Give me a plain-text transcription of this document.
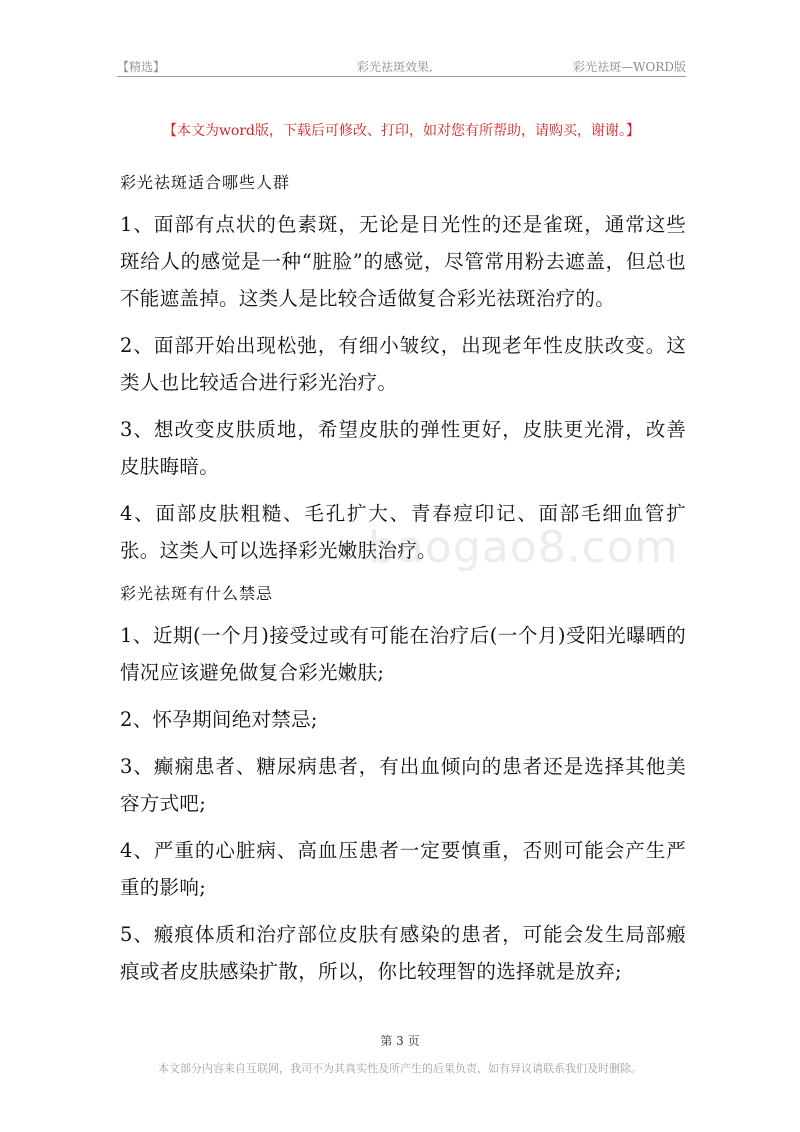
【精选】	彩光祛斑效果,	彩光祛斑—WORD版
【本文为word版，下载后可修改、打印，如对您有所帮助，请购买，谢谢。】

彩光祛斑适合哪些人群

1、面部有点状的色素斑，无论是日光性的还是雀斑，通常这些斑给人的感觉是一种“脏脸”的感觉，尽管常用粉去遮盖，但总也不能遮盖掉。这类人是比较合适做复合彩光祛斑治疗的。

2、面部开始出现松弛，有细小皱纹，出现老年性皮肤改变。这类人也比较适合进行彩光治疗。

3、想改变皮肤质地，希望皮肤的弹性更好，皮肤更光滑，改善皮肤晦暗。

4、面部皮肤粗糙、毛孔扩大、青春痘印记、面部毛细血管扩张。这类人可以选择彩光嫩肤治疗。

彩光祛斑有什么禁忌

1、近期(一个月)接受过或有可能在治疗后(一个月)受阳光曝晒的情况应该避免做复合彩光嫩肤;

2、怀孕期间绝对禁忌;

3、癫痫患者、糖尿病患者，有出血倾向的患者还是选择其他美容方式吧;

4、严重的心脏病、高血压患者一定要慎重，否则可能会产生严重的影响;

5、瘢痕体质和治疗部位皮肤有感染的患者，可能会发生局部瘢痕或者皮肤感染扩散，所以，你比较理智的选择就是放弃;

baogao8.com
第 3 页
本文部分内容来自互联网，我司不为其真实性及所产生的后果负责，如有异议请联系我们及时删除。
